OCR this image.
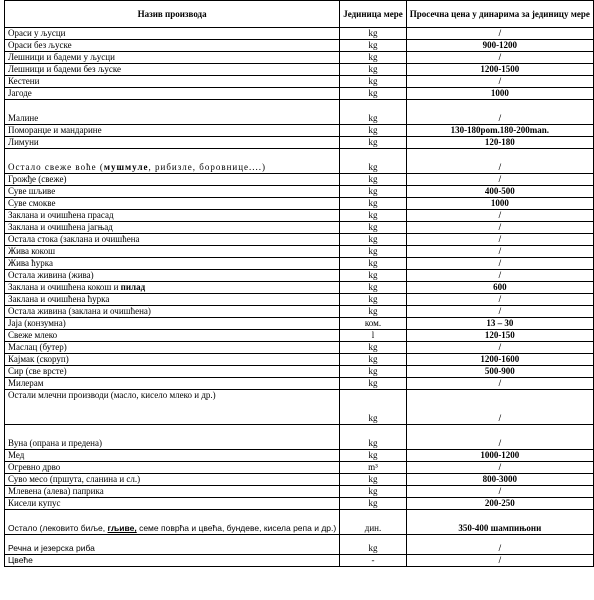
Назив производа	Јединица мере	Просечна цена у динарима за јединицу мере
Ораси у љусци	kg	/
Ораси без љуске	kg	900-1200
Лешници и бадеми у љусци	kg	/
Лешници и бадеми без љуске	kg	1200-1500
Кестени	kg	/
Јагоде	kg	1000
Малине	kg	/
Поморанџе и мандарине	kg	130-180pom.180-200man.
Лимуни	kg	120-180
Остало свеже воће (мушмуле, рибизле, боровнице....)	kg	/
Грожђе (свеже)	kg	/
Суве шљиве	kg	400-500
Суве смокве	kg	1000
Заклана и очишћена прасад	kg	/
Заклана и очишћена јагњад	kg	/
Остала стока (заклана и очишћена	kg	/
Жива кокош	kg	/
Жива ћурка	kg	/
Остала живина (жива)	kg	/
Заклана и очишћена кокош и пилад	kg	600
Заклана и очишћена ћурка	kg	/
Остала живина (заклана и очишћена)	kg	/
Јаја (конзумна)	ком.	13 – 30
Свеже млеко	l	120-150
Маслац (бутер)	kg	/
Кајмак (скоруп)	kg	1200-1600
Сир (све врсте)	kg	500-900
Милерам	kg	/
Остали млечни производи (масло, кисело млеко и др.)	kg	/
Вуна (опрана и предена)	kg	/
Мед	kg	1000-1200
Огревно дрво	m³	/
Суво месо (пршута, сланина и сл.)	kg	800-3000
Млевена (алева) паприка	kg	/
Кисели купус	kg	200-250
Остало (лековито биље, гљиве, семе поврћа и цвећа, бундеве, кисела репа и др.)	дин.	350-400 шампињони
Речна и језерска риба	kg	/
Цвеће	-	/
